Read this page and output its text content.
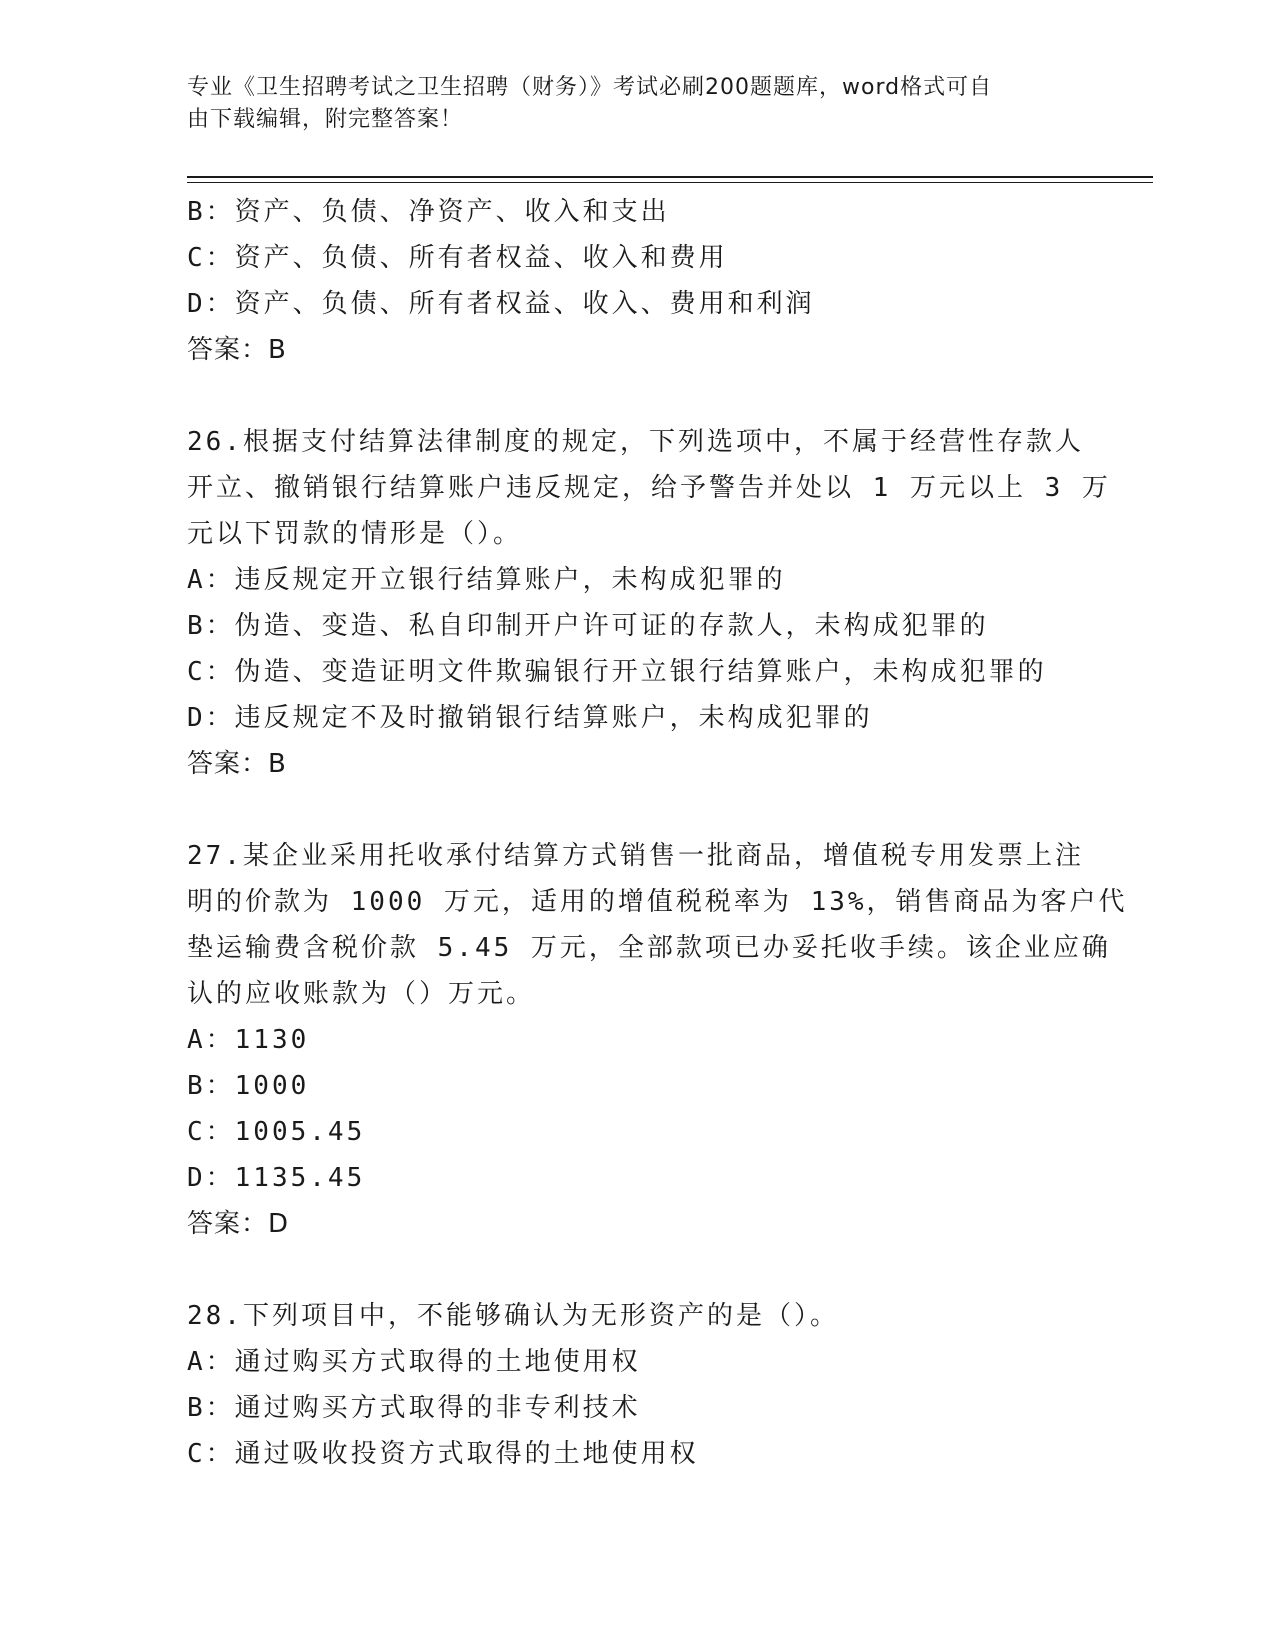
专业《卫生招聘考试之卫生招聘（财务）》考试必刷200题题库，word格式可自
由下载编辑，附完整答案！
B：资产、负债、净资产、收入和支出
C：资产、负债、所有者权益、收入和费用
D：资产、负债、所有者权益、收入、费用和利润
答案：B
26.根据支付结算法律制度的规定，下列选项中，不属于经营性存款人
开立、撤销银行结算账户违反规定，给予警告并处以 1 万元以上 3 万
元以下罚款的情形是（）。
A：违反规定开立银行结算账户，未构成犯罪的
B：伪造、变造、私自印制开户许可证的存款人，未构成犯罪的
C：伪造、变造证明文件欺骗银行开立银行结算账户，未构成犯罪的
D：违反规定不及时撤销银行结算账户，未构成犯罪的
答案：B
27.某企业采用托收承付结算方式销售一批商品，增值税专用发票上注
明的价款为 1000 万元，适用的增值税税率为 13%，销售商品为客户代
垫运输费含税价款 5.45 万元，全部款项已办妥托收手续。该企业应确
认的应收账款为（）万元。
A：1130
B：1000
C：1005.45
D：1135.45
答案：D
28.下列项目中，不能够确认为无形资产的是（）。
A：通过购买方式取得的土地使用权
B：通过购买方式取得的非专利技术
C：通过吸收投资方式取得的土地使用权
